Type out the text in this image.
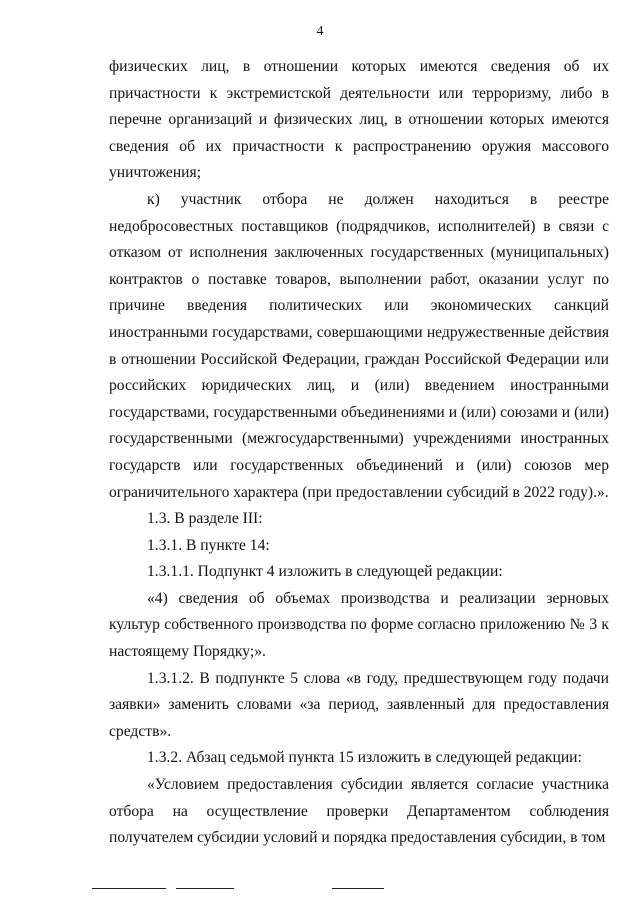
4

физических лиц, в отношении которых имеются сведения об их причастности к экстремистской деятельности или терроризму, либо в перечне организаций и физических лиц, в отношении которых имеются сведения об их причастности к распространению оружия массового уничтожения;

к) участник отбора не должен находиться в реестре недобросовестных поставщиков (подрядчиков, исполнителей) в связи с отказом от исполнения заключенных государственных (муниципальных) контрактов о поставке товаров, выполнении работ, оказании услуг по причине введения политических или экономических санкций иностранными государствами, совершающими недружественные действия в отношении Российской Федерации, граждан Российской Федерации или российских юридических лиц, и (или) введением иностранными государствами, государственными объединениями и (или) союзами и (или) государственными (межгосударственными) учреждениями иностранных государств или государственных объединений и (или) союзов мер ограничительного характера (при предоставлении субсидий в 2022 году).».

1.3. В разделе III:

1.3.1. В пункте 14:

1.3.1.1. Подпункт 4 изложить в следующей редакции:

«4) сведения об объемах производства и реализации зерновых культур собственного производства по форме согласно приложению № 3 к настоящему Порядку;».

1.3.1.2. В подпункте 5 слова «в году, предшествующем году подачи заявки» заменить словами «за период, заявленный для предоставления средств».

1.3.2. Абзац седьмой пункта 15 изложить в следующей редакции:

«Условием предоставления субсидии является согласие участника отбора на осуществление проверки Департаментом соблюдения получателем субсидии условий и порядка предоставления субсидии, в том
